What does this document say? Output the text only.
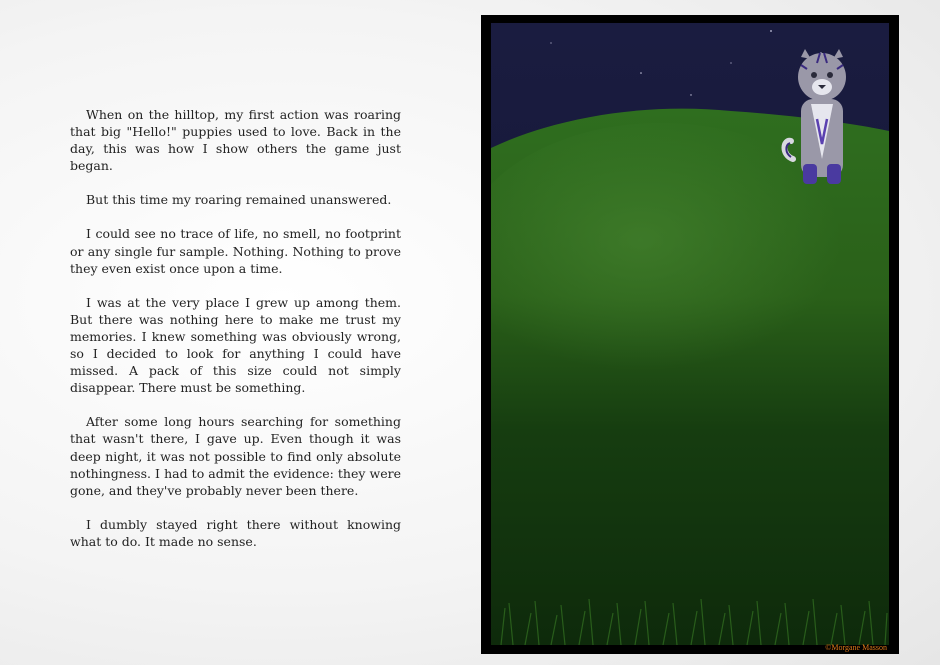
When on the hilltop, my first action was roaring that big "Hello!" puppies used to love. Back in the day, this was how I show others the game just began.

But this time my roaring remained unanswered.

I could see no trace of life, no smell, no footprint or any single fur sample. Nothing. Nothing to prove they even exist once upon a time.

I was at the very place I grew up among them. But there was nothing here to make me trust my memories. I knew something was obviously wrong, so I decided to look for anything I could have missed. A pack of this size could not simply disappear. There must be something.

After some long hours searching for something that wasn't there, I gave up. Even though it was deep night, it was not possible to find only absolute nothingness. I had to admit the evidence: they were gone, and they've probably never been there.

I dumbly stayed right there without knowing what to do. It made no sense.

©Morgane Masson
